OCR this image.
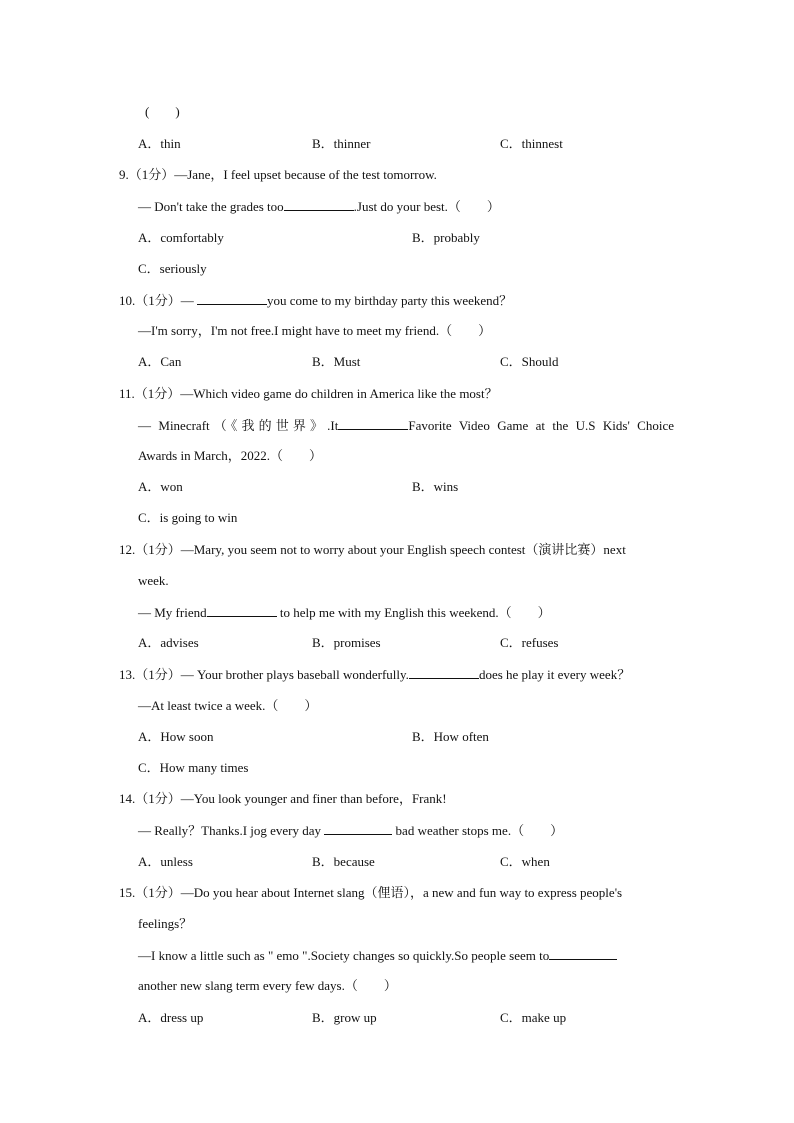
(　　)
A．thin	B．thinner	C．thinnest
9.（1分）—Jane，I feel upset because of the test tomorrow.
— Don't take the grades too	.Just do your best.（　　）
A．comfortably	B．probably
C．seriously
10.（1分）—	you come to my birthday party this weekend？
—I'm sorry，I'm not free.I might have to meet my friend.（　　）
A．Can	B．Must	C．Should
11.（1分）—Which video game do children in America like the most？
— Minecraft（《我的世界》.It	Favorite Video Game at the U.S Kids' Choice
Awards in March，2022.（　　）
A．won	B．wins
C．is going to win
12.（1分）—Mary, you seem not to worry about your English speech contest（演讲比赛）next
week.
— My friend	to help me with my English this weekend.（　　）
A．advises	B．promises	C．refuses
13.（1分）— Your brother plays baseball wonderfully.	does he play it every week？
—At least twice a week.（　　）
A．How soon	B．How often
C．How many times
14.（1分）—You look younger and finer than before，Frank!
— Really？Thanks.I jog every day	bad weather stops me.（　　）
A．unless	B．because	C．when
15.（1分）—Do you hear about Internet slang（俚语），a new and fun way to express people's
feelings？
—I know a little such as " emo ".Society changes so quickly.So people seem to
another new slang term every few days.（　　）
A．dress up	B．grow up	C．make up
